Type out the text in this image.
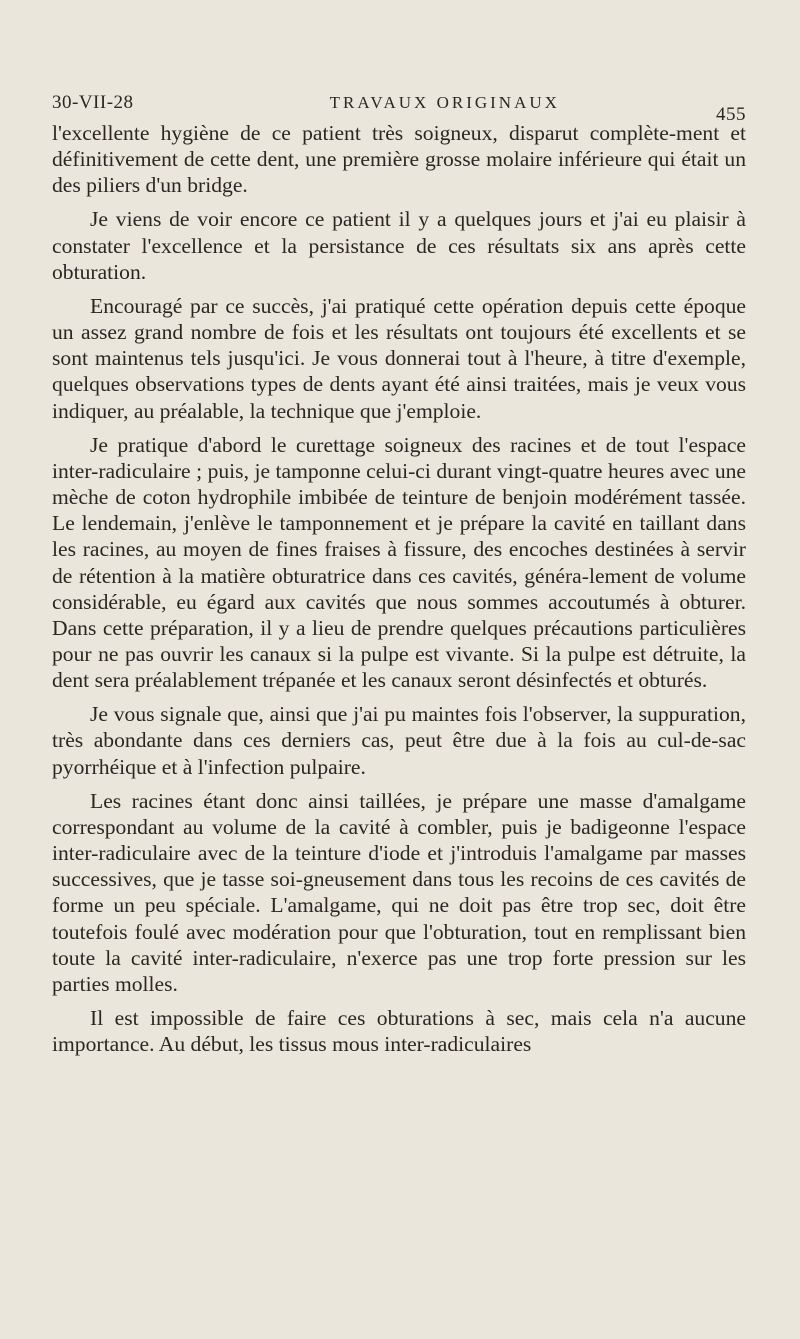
30-VII-28	TRAVAUX ORIGINAUX
455

l'excellente hygiène de ce patient très soigneux, disparut complète-ment et définitivement de cette dent, une première grosse molaire inférieure qui était un des piliers d'un bridge.

Je viens de voir encore ce patient il y a quelques jours et j'ai eu plaisir à constater l'excellence et la persistance de ces résultats six ans après cette obturation.

Encouragé par ce succès, j'ai pratiqué cette opération depuis cette époque un assez grand nombre de fois et les résultats ont toujours été excellents et se sont maintenus tels jusqu'ici. Je vous donnerai tout à l'heure, à titre d'exemple, quelques observations types de dents ayant été ainsi traitées, mais je veux vous indiquer, au préalable, la technique que j'emploie.

Je pratique d'abord le curettage soigneux des racines et de tout l'espace inter-radiculaire ; puis, je tamponne celui-ci durant vingt-quatre heures avec une mèche de coton hydrophile imbibée de teinture de benjoin modérément tassée. Le lendemain, j'enlève le tamponnement et je prépare la cavité en taillant dans les racines, au moyen de fines fraises à fissure, des encoches destinées à servir de rétention à la matière obturatrice dans ces cavités, généra-lement de volume considérable, eu égard aux cavités que nous sommes accoutumés à obturer. Dans cette préparation, il y a lieu de prendre quelques précautions particulières pour ne pas ouvrir les canaux si la pulpe est vivante. Si la pulpe est détruite, la dent sera préalablement trépanée et les canaux seront désinfectés et obturés.

Je vous signale que, ainsi que j'ai pu maintes fois l'observer, la suppuration, très abondante dans ces derniers cas, peut être due à la fois au cul-de-sac pyorrhéique et à l'infection pulpaire.

Les racines étant donc ainsi taillées, je prépare une masse d'amalgame correspondant au volume de la cavité à combler, puis je badigeonne l'espace inter-radiculaire avec de la teinture d'iode et j'introduis l'amalgame par masses successives, que je tasse soi-gneusement dans tous les recoins de ces cavités de forme un peu spéciale. L'amalgame, qui ne doit pas être trop sec, doit être toutefois foulé avec modération pour que l'obturation, tout en remplissant bien toute la cavité inter-radiculaire, n'exerce pas une trop forte pression sur les parties molles.

Il est impossible de faire ces obturations à sec, mais cela n'a aucune importance. Au début, les tissus mous inter-radiculaires
